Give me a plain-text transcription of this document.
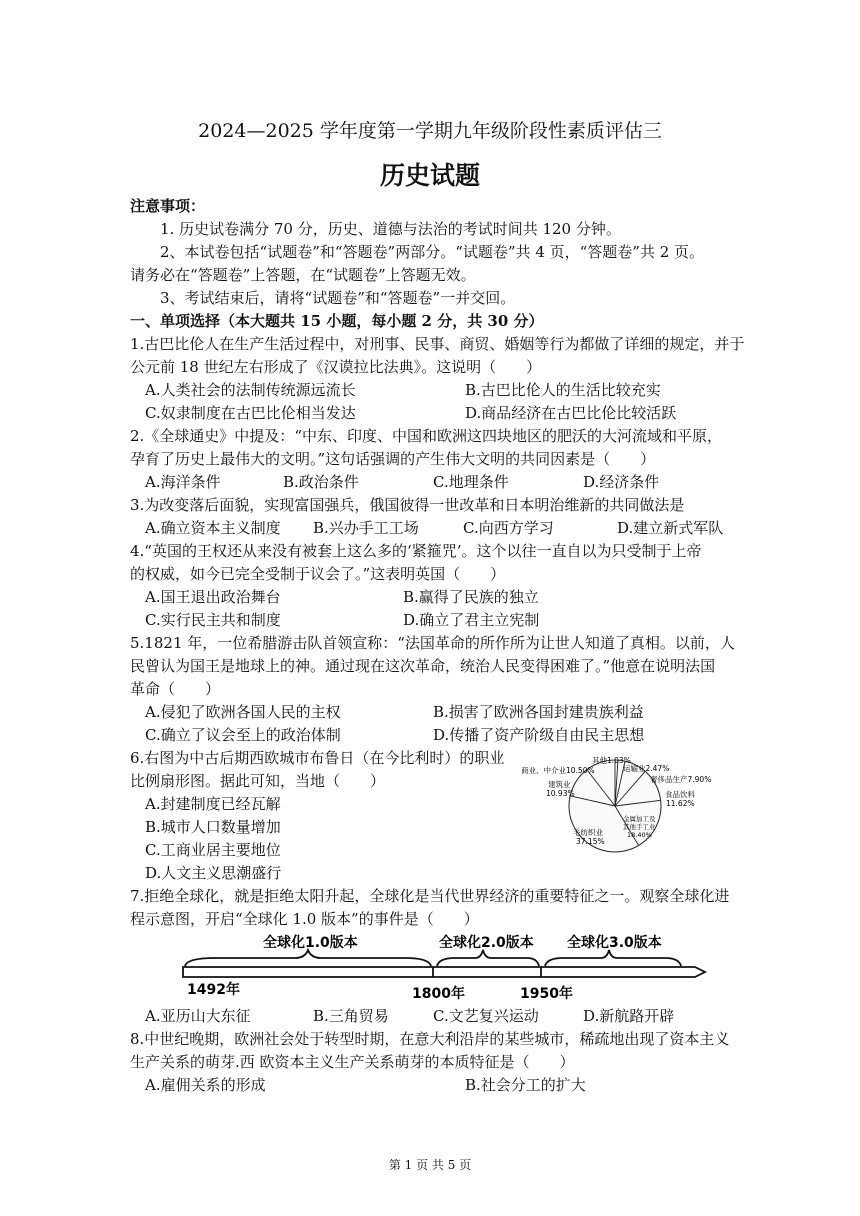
2024—2025 学年度第一学期九年级阶段性素质评估三
历史试题
注意事项：
1. 历史试卷满分 70 分，历史、道德与法治的考试时间共 120 分钟。
2、本试卷包括“试题卷”和“答题卷”两部分。“试题卷”共 4 页，“答题卷”共 2 页。
请务必在“答题卷”上答题，在“试题卷”上答题无效。
3、考试结束后，请将“试题卷”和“答题卷”一并交回。
一、单项选择（本大题共 15 小题，每小题 2 分，共 30 分）
1.古巴比伦人在生产生活过程中，对刑事、民事、商贸、婚姻等行为都做了详细的规定，并于
公元前 18 世纪左右形成了《汉谟拉比法典》。这说明（　　）
A.人类社会的法制传统源远流长	B.古巴比伦人的生活比较充实
C.奴隶制度在古巴比伦相当发达	D.商品经济在古巴比伦比较活跃
2.《全球通史》中提及：“中东、印度、中国和欧洲这四块地区的肥沃的大河流域和平原，
孕育了历史上最伟大的文明。”这句话强调的产生伟大文明的共同因素是（　　）
A.海洋条件	B.政治条件	C.地理条件	D.经济条件
3.为改变落后面貌，实现富国强兵，俄国彼得一世改革和日本明治维新的共同做法是
A.确立资本主义制度 B.兴办手工工场	C.向西方学习	D.建立新式军队
4.“英国的王权还从来没有被套上这么多的‘紧箍咒’。这个以往一直自以为只受制于上帝
的权威，如今已完全受制于议会了。”这表明英国（　　）
A.国王退出政治舞台	B.赢得了民族的独立
C.实行民主共和制度	D.确立了君主立宪制
5.1821 年，一位希腊游击队首领宣称：“法国革命的所作所为让世人知道了真相。以前，人
民曾认为国王是地球上的神。通过现在这次革命，统治人民变得困难了。”他意在说明法国
革命（　　）
A.侵犯了欧洲各国人民的主权	B.损害了欧洲各国封建贵族利益
C.确立了议会至上的政治体制	D.传播了资产阶级自由民主思想
6.右图为中古后期西欧城市布鲁日（在今比利时）的职业
比例扇形图。据此可知，当地（　　）
A.封建制度已经瓦解
B.城市人口数量增加
C.工商业居主要地位
D.人文主义思潮盛行
其他1.03%
运输业2.47%
商业、中介业10.50%
奢侈品生产7.90%
建筑业
10.93%	食品饮料
11.62%
金属加工及
其他手工业
18.40%
毛纺织业
37.15%
7.拒绝全球化，就是拒绝太阳升起，全球化是当代世界经济的重要特征之一。观察全球化进
程示意图，开启“全球化 1.0 版本”的事件是（　　）
全球化1.0版本	全球化2.0版本 全球化3.0版本
1492年	1800年	1950年
A.亚历山大东征	B.三角贸易	C.文艺复兴运动	D.新航路开辟
8.中世纪晚期，欧洲社会处于转型时期，在意大利沿岸的某些城市，稀疏地出现了资本主义
生产关系的萌芽.西 欧资本主义生产关系萌芽的本质特征是（　　）
A.雇佣关系的形成	B.社会分工的扩大
第 1 页 共 5 页
